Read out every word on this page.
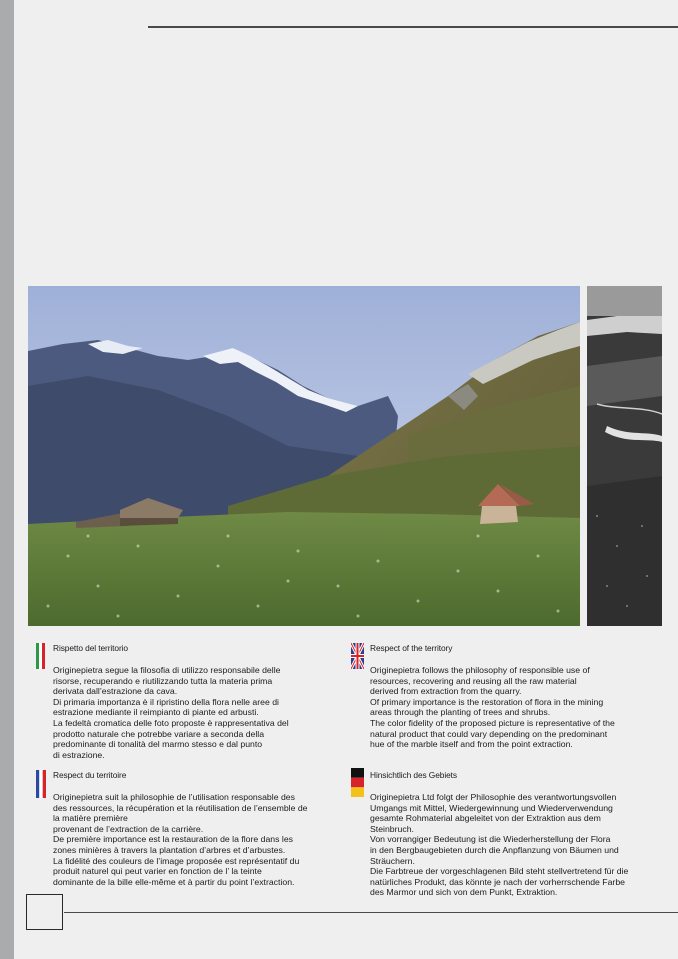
Rispetto del territorio

Originepietra segue la filosofia di utilizzo responsabile delle
risorse, recuperando e riutilizzando tutta la materia prima
derivata dall’estrazione da cava.
Di primaria importanza è il ripristino della flora nelle aree di
estrazione mediante il reimpianto di piante ed arbusti.
La fedeltà cromatica delle foto proposte è rappresentativa del
prodotto naturale che potrebbe variare a seconda della
predominante di tonalità del marmo stesso e dal punto
di estrazione.

Respect of the territory

Originepietra follows the philosophy of responsible use of
resources, recovering and reusing all the raw material
derived from extraction from the quarry.
Of primary importance is the restoration of flora in the mining
areas through the planting of trees and shrubs.
The color fidelity of the proposed picture is representative of the
natural product that could vary depending on the predominant
hue of the marble itself and from the point extraction.

Respect du territoire

Originepietra suit la philosophie de l’utilisation responsable des
des ressources, la récupération et la réutilisation de l’ensemble de
la matière première
provenant de l’extraction de la carrière.
De première importance est la restauration de la flore dans les
zones minières à travers la plantation d’arbres et d’arbustes.
La fidélité des couleurs de l’image proposée est représentatif du
produit naturel qui peut varier en fonction de l’ la teinte
dominante de la bille elle-même et à partir du point l’extraction.

Hinsichtlich des Gebiets

Originepietra Ltd folgt der Philosophie des verantwortungsvollen
Umgangs mit Mittel, Wiedergewinnung und Wiederverwendung
gesamte Rohmaterial abgeleitet von der Extraktion aus dem
Steinbruch.
Von vorrangiger Bedeutung ist die Wiederherstellung der Flora
in den Bergbaugebieten durch die Anpflanzung von Bäumen und
Sträuchern.
Die Farbtreue der vorgeschlagenen Bild steht stellvertretend für die
natürliches Produkt, das könnte je nach der vorherrschende Farbe
des Marmor und sich von dem Punkt, Extraktion.
